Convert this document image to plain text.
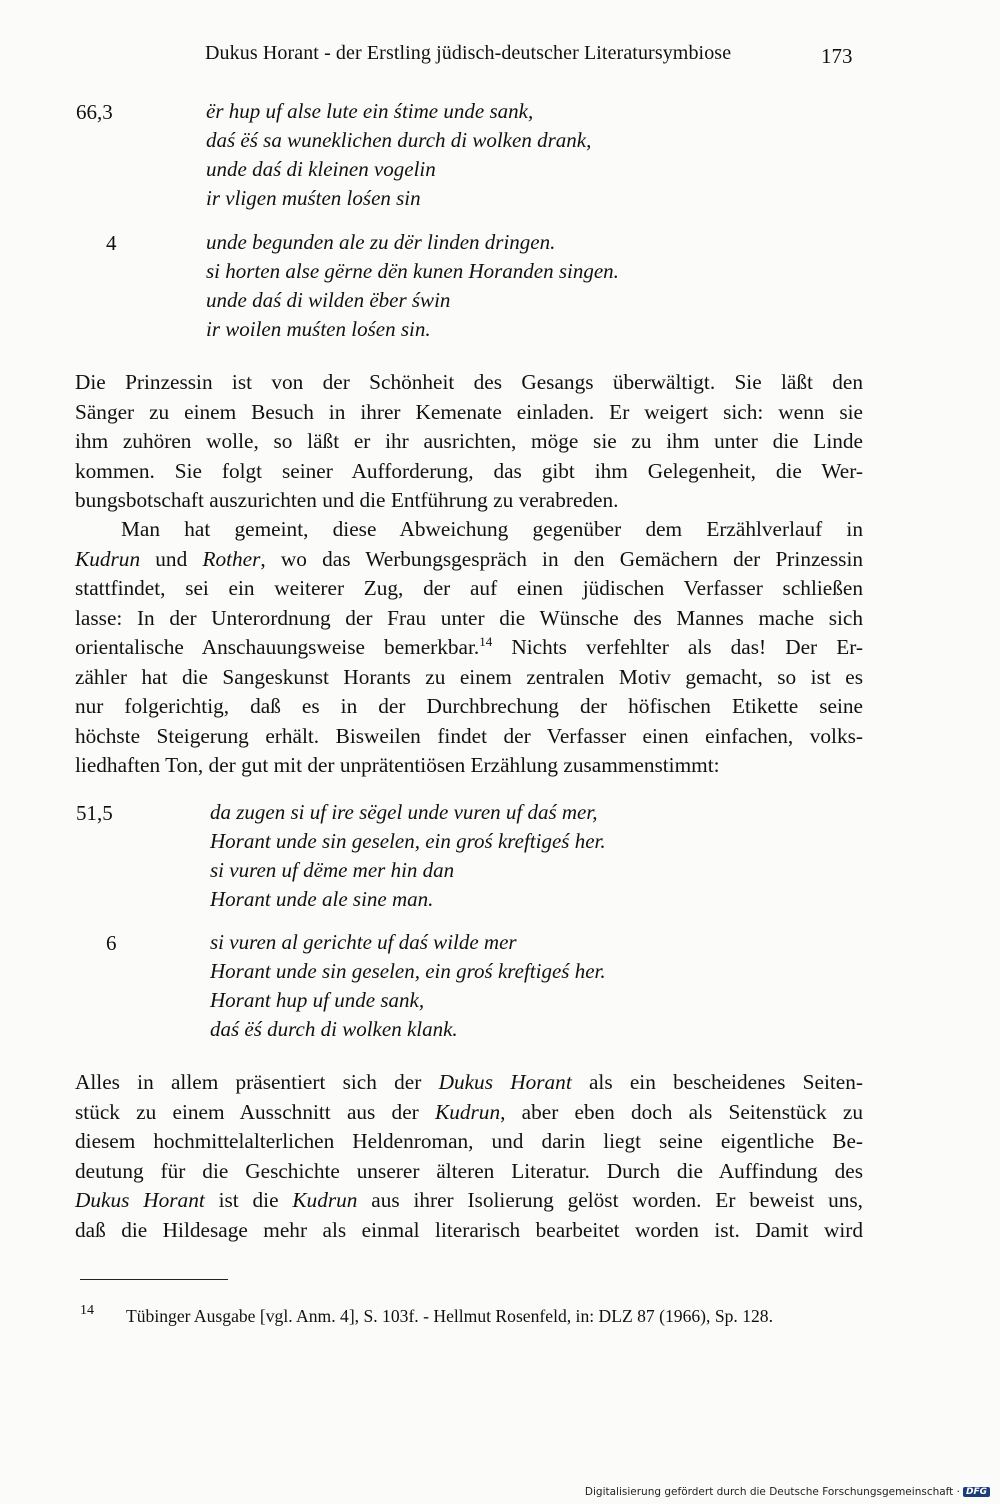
Dukus Horant - der Erstling jüdisch-deutscher Literatursymbiose	173
66,3	ër hup uf alse lute ein śtime unde sank,
daś ëś sa wuneklichen durch di wolken drank,
unde daś di kleinen vogelin
ir vligen muśten lośen sin
4	unde begunden ale zu dër linden dringen.
si horten alse gërne dën kunen Horanden singen.
unde daś di wilden ëber świn
ir woilen muśten lośen sin.
Die Prinzessin ist von der Schönheit des Gesangs überwältigt. Sie läßt den
Sänger zu einem Besuch in ihrer Kemenate einladen. Er weigert sich: wenn sie
ihm zuhören wolle, so läßt er ihr ausrichten, möge sie zu ihm unter die Linde
kommen. Sie folgt seiner Aufforderung, das gibt ihm Gelegenheit, die Wer-
bungsbotschaft auszurichten und die Entführung zu verabreden.
Man hat gemeint, diese Abweichung gegenüber dem Erzählverlauf in
Kudrun und Rother, wo das Werbungsgespräch in den Gemächern der Prinzessin
stattfindet, sei ein weiterer Zug, der auf einen jüdischen Verfasser schließen
lasse: In der Unterordnung der Frau unter die Wünsche des Mannes mache sich
orientalische Anschauungsweise bemerkbar.$^{14}$ Nichts verfehlter als das! Der Er-
zähler hat die Sangeskunst Horants zu einem zentralen Motiv gemacht, so ist es
nur folgerichtig, daß es in der Durchbrechung der höfischen Etikette seine
höchste Steigerung erhält. Bisweilen findet der Verfasser einen einfachen, volks-
liedhaften Ton, der gut mit der unprätentiösen Erzählung zusammenstimmt:
51,5	da zugen si uf ire sëgel unde vuren uf daś mer,
Horant unde sin geselen, ein groś kreftigeś her.
si vuren uf dëme mer hin dan
Horant unde ale sine man.
6	si vuren al gerichte uf daś wilde mer
Horant unde sin geselen, ein groś kreftigeś her.
Horant hup uf unde sank,
daś ëś durch di wolken klank.
Alles in allem präsentiert sich der Dukus Horant als ein bescheidenes Seiten-
stück zu einem Ausschnitt aus der Kudrun, aber eben doch als Seitenstück zu
diesem hochmittelalterlichen Heldenroman, und darin liegt seine eigentliche Be-
deutung für die Geschichte unserer älteren Literatur. Durch die Auffindung des
Dukus Horant ist die Kudrun aus ihrer Isolierung gelöst worden. Er beweist uns,
daß die Hildesage mehr als einmal literarisch bearbeitet worden ist. Damit wird
14 Tübinger Ausgabe [vgl. Anm. 4], S. 103f. - Hellmut Rosenfeld, in: DLZ 87 (1966), Sp. 128.
Digitalisierung gefördert durch die Deutsche Forschungsgemeinschaft · DFG
